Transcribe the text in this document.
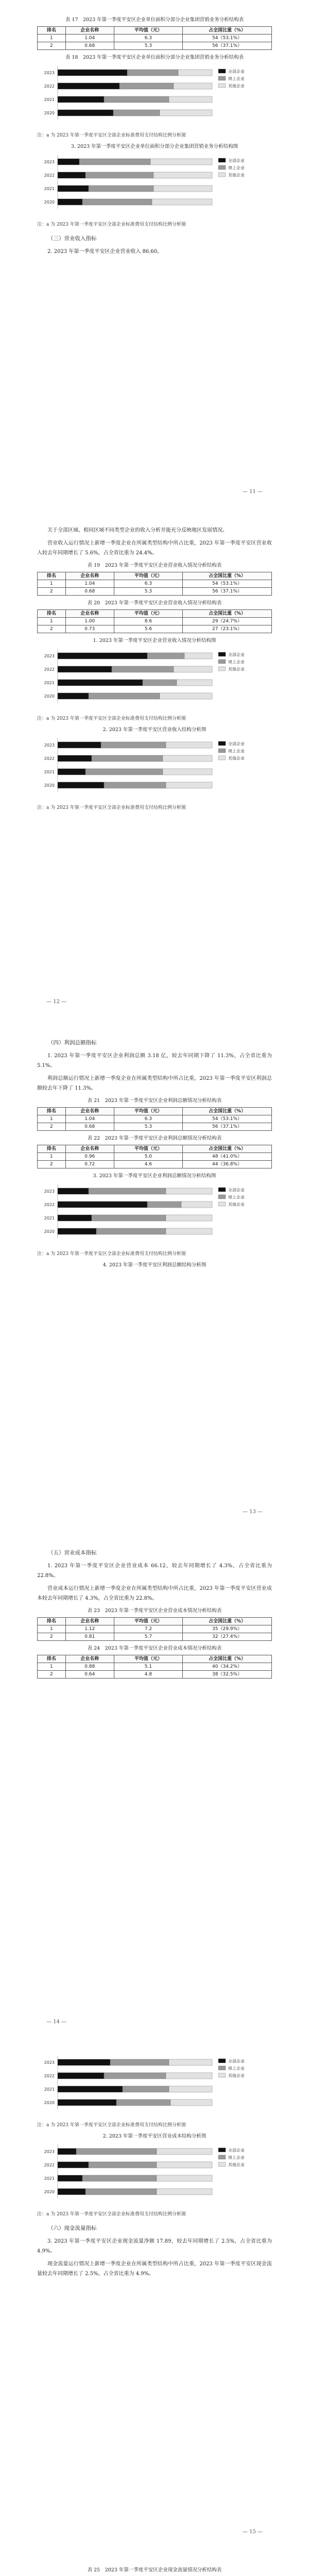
表 17　2023 年第一季度平安区企业单位面积分部分企业集团营销业务分析结构表
排名	企业名称	平均值（元）	占全国比重（%）
1	1.04	6.3	54（53.1%）
2	0.68	5.3	56（37.1%）
表 18　2023 年第一季度平安区企业单位面积分部分企业集团营销业务分析结构表
2023
2022
2021
2020
全部企业
规上企业
其他企业
注：a 为 2023 年第一季度平安区全部企业标准费用支付结构比例分析图
3. 2023 年第一季度平安区企业单位面积分部分企业集团营销业务分析结构图
2023
2022
2021
2020
全部企业
规上企业
其他企业
注：a 为 2023 年第一季度平安区全部企业标准费用支付结构比例分析图
（三）营业收入指标

2. 2023 年第一季度平安区企业营业收入 86.60。

— 11 —

关于全部区域、相同区域不同类型企业的收入分析并能充分反映地区发展情况。

营业收入运行情况上新增一季度企业在所属类型结构中所占比重，2023 年第一季度平安区营业收入较去年同期增长了 5.6%，占全省比重为 24.4%。

表 19　2023 年第一季度平安区企业营业收入情况分析结构表
排名	企业名称	平均值（元）	占全国比重（%）
1	1.04	6.3	54（53.1%）
2	0.68	5.3	56（37.1%）
表 20　2023 年第一季度平安区企业营业收入情况分析结构表
排名	企业名称	平均值（元）	占全国比重（%）
1	1.00	8.6	29（24.7%）
2	0.73	5.6	27（23.1%）
1. 2023 年第一季度平安区企业营业收入情况分析结构图
2023
2022
2021
2020
全部企业
规上企业
其他企业
注：a 为 2023 年第一季度平安区全部企业标准费用支付结构比例分析图
2. 2023 年第一季度平安区营业收入结构分析图
2023
2022
2021
2020
全部企业
规上企业
其他企业
注：a 为 2023 年第一季度平安区全部企业标准费用支付结构比例分析图
— 12 —
（四）利润总额指标

1. 2023 年第一季度平安区企业利润总额 3.18 亿，较去年同期下降了 11.3%，占全省比重为 5.1%。

利润总额运行情况上新增一季度企业在所属类型结构中所占比重，2023 年第一季度平安区利润总额较去年下降了 11.3%。

表 21　2023 年第一季度平安区企业利润总额情况分析结构表
排名	企业名称	平均值（元）	占全国比重（%）
1	1.04	6.3	54（53.1%）
2	0.68	5.3	56（37.1%）
表 22　2023 年第一季度平安区企业利润总额情况分析结构表
排名	企业名称	平均值（元）	占全国比重（%）
1	0.96	5.0	48（41.0%）
2	0.72	4.6	44（36.8%）
3. 2023 年第一季度平安区企业利润总额情况分析结构图
2023
2022
2021
2020
全部企业
规上企业
其他企业
注：a 为 2023 年第一季度平安区全部企业标准费用支付结构比例分析图
4. 2023 年第一季度平安区利润总额结构分析图
— 13 —
（五）营业成本指标

1. 2023 年第一季度平安区企业营业成本 66.12，较去年同期增长了 4.3%，占全省比重为 22.8%。

营业成本运行情况上新增一季度企业在所属类型结构中所占比重，2023 年第一季度平安区营业成本较去年同期增长了 4.3%，占全省比重为 22.8%。

表 23　2023 年第一季度平安区企业营业成本情况分析结构表
排名	企业名称	平均值（元）	占全国比重（%）
1	1.12	7.2	35（29.9%）
2	0.81	5.7	32（27.4%）
表 24　2023 年第一季度平安区企业营业成本情况分析结构表
排名	企业名称	平均值（元）	占全国比重（%）
1	0.88	5.1	40（34.2%）
2	0.64	4.8	38（32.5%）
— 14 —
2023
2022
2021
2020
全部企业
规上企业
其他企业
注：a 为 2023 年第一季度平安区全部企业标准费用支付结构比例分析图
2. 2023 年第一季度平安区营业成本结构分析图
2023
2022
2021
2020
全部企业
规上企业
其他企业
注：a 为 2023 年第一季度平安区全部企业标准费用支付结构比例分析图
（六）现金流量指标

3. 2023 年第一季度平安区企业现金流量净额 17.89，较去年同期增长了 2.5%，占全省比重为 4.9%。

现金流量运行情况上新增一季度企业在所属类型结构中所占比重，2023 年第一季度平安区现金流量较去年同期增长了 2.5%，占全省比重为 4.9%。

— 15 —
表 25　2023 年第一季度平安区企业现金流量情况分析结构表
